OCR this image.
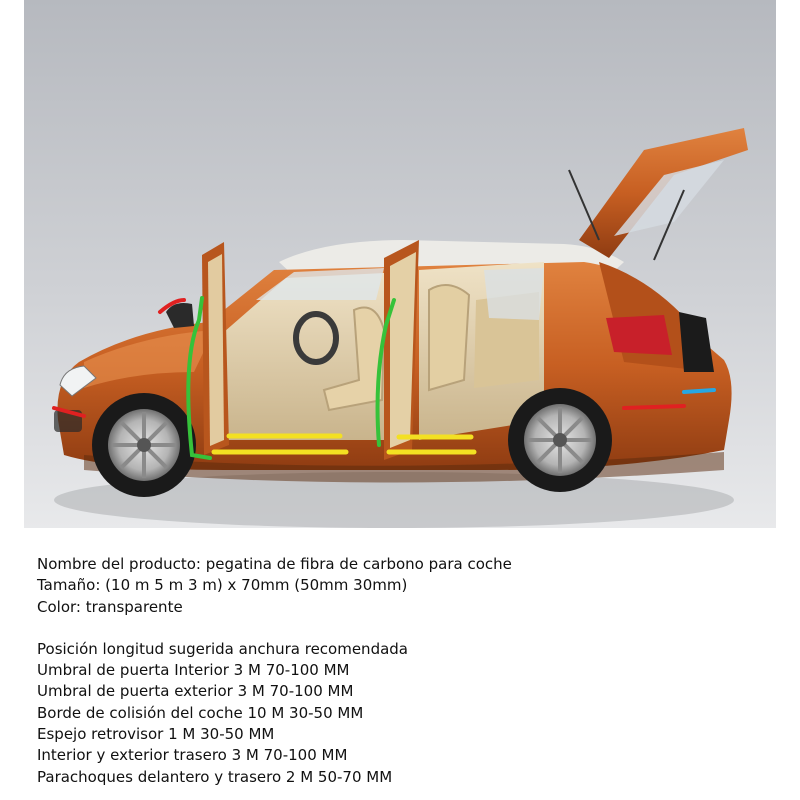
Nombre del producto: pegatina de fibra de carbono para coche
Tamaño: (10 m 5 m 3 m) x 70mm (50mm 30mm)
Color: transparente
Posición longitud sugerida anchura recomendada
Umbral de puerta Interior 3 M 70-100 MM
Umbral de puerta exterior 3 M 70-100 MM
Borde de colisión del coche 10 M 30-50 MM
Espejo retrovisor 1 M 30-50 MM
Interior y exterior trasero 3 M 70-100 MM
Parachoques delantero y trasero 2 M 50-70 MM
